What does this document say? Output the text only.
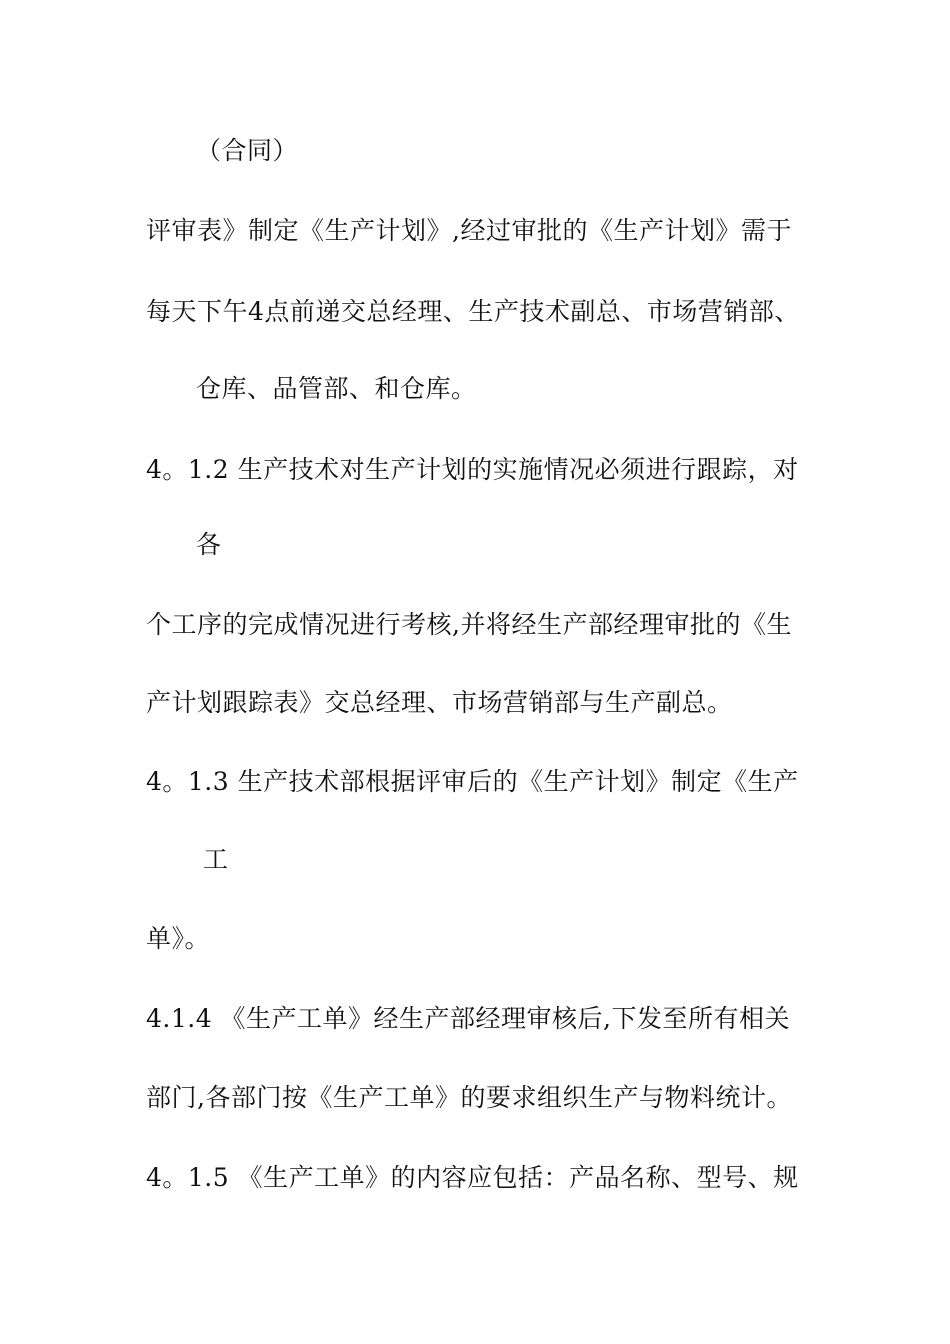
（合同）
评审表》制定《生产计划》,经过审批的《生产计划》需于
每天下午4点前递交总经理、生产技术副总、市场营销部、
仓库、品管部、和仓库。
4。1.2 生产技术对生产计划的实施情况必须进行跟踪，对
各
个工序的完成情况进行考核,并将经生产部经理审批的《生
产计划跟踪表》交总经理、市场营销部与生产副总。
4。1.3 生产技术部根据评审后的《生产计划》制定《生产
工
单》。
4.1.4 《生产工单》经生产部经理审核后,下发至所有相关
部门,各部门按《生产工单》的要求组织生产与物料统计。
4。1.5 《生产工单》的内容应包括：产品名称、型号、规
